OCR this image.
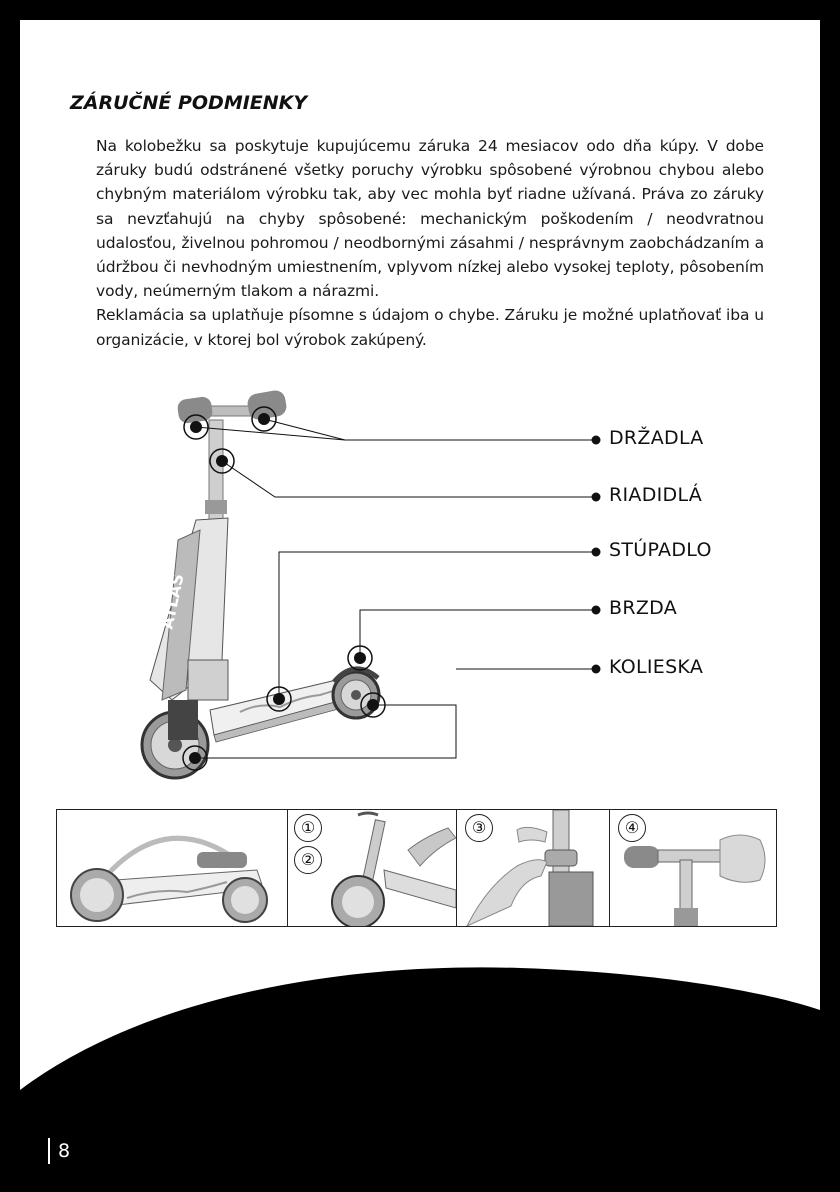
ZÁRUČNÉ PODMIENKY

Na kolobežku sa poskytuje kupujúcemu záruka 24 mesiacov odo dňa kúpy. V dobe záruky budú odstránené všetky poruchy výrobku spôsobené výrobnou chybou alebo chybným materiálom výrobku tak, aby vec mohla byť riadne užívaná. Práva zo záruky sa nevzťahujú na chyby spôsobené: mechanickým poškodením / neodvratnou udalosťou, živelnou pohromou / neodbornými zásahmi / nesprávnym zaobchádzaním a údržbou či nevhodným umiestnením, vplyvom nízkej alebo vysokej teploty, pôsobením vody, neúmerným tlakom a nárazmi.

Reklamácia sa uplatňuje písomne s údajom o chybe. Záruku je možné uplatňovať iba u organizácie, v ktorej bol výrobok zakúpený.

ATLAS
DRŽADLA
RIADIDLÁ
STÚPADLO
BRZDA
KOLIESKA
①
②
③	④
8
